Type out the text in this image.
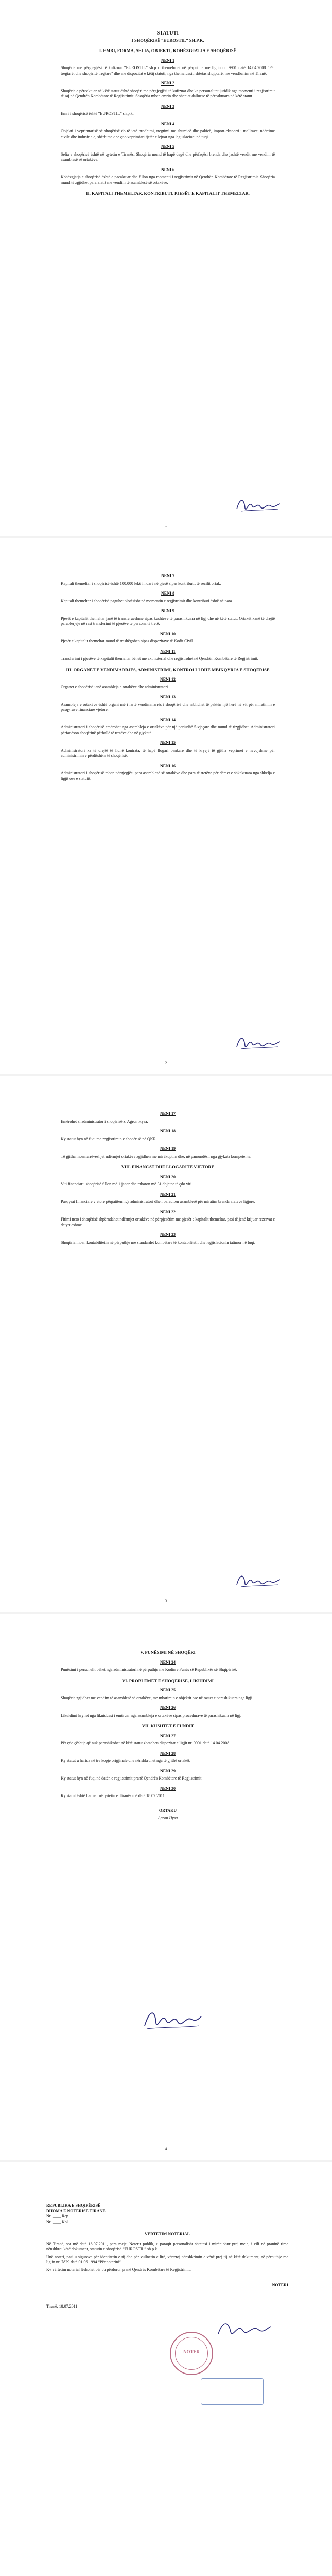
STATUTI
I SHOQËRISË “EUROSTIL” SH.P.K.
I. EMRI, FORMA, SELIA, OBJEKTI, KOHËZGJATJA E SHOQËRISË
NENI 1

Shoqëria me përgjegjësi të kufizuar “EUROSTIL” sh.p.k. themelohet në përputhje me ligjin nr. 9901 datë 14.04.2008 “Për tregtarët dhe shoqëritë tregtare” dhe me dispozitat e këtij statuti, nga themeluesit, shtetas shqiptarë, me vendbanim në Tiranë.

NENI 2

Shoqëria e përcaktuar në këtë statut është shoqëri me përgjegjësi të kufizuar dhe ka personalitet juridik nga momenti i regjistrimit të saj në Qendrën Kombëtare të Regjistrimit. Shoqëria mban emrin dhe shenjat dalluese të përcaktuara në këtë statut.

NENI 3

Emri i shoqërisë është “EUROSTIL” sh.p.k.

NENI 4

Objekti i veprimtarisë së shoqërisë do të jetë prodhimi, tregtimi me shumicë dhe pakicë, import-eksporti i mallrave, ndërtime civile dhe industriale, shërbime dhe çdo veprimtari tjetër e lejuar nga legjislacioni në fuqi.

NENI 5

Selia e shoqërisë është në qytetin e Tiranës. Shoqëria mund të hapë degë dhe përfaqësi brenda dhe jashtë vendit me vendim të asamblesë së ortakëve.

NENI 6

Kohëzgjatja e shoqërisë është e pacaktuar dhe fillon nga momenti i regjistrimit në Qendrën Kombëtare të Regjistrimit. Shoqëria mund të zgjidhet para afatit me vendim të asamblesë së ortakëve.

II. KAPITALI THEMELTAR, KONTRIBUTI, PJESËT E KAPITALIT THEMELTAR.
1
NENI 7

Kapitali themeltar i shoqërisë është 100.000 lekë i ndarë në pjesë sipas kontributit të secilit ortak.

NENI 8

Kapitali themeltar i shoqërisë paguhet plotësisht në momentin e regjistrimit dhe kontributi është në para.

NENI 9

Pjesët e kapitalit themeltar janë të transferueshme sipas kushteve të parashikuara në ligj dhe në këtë statut. Ortakët kanë të drejtë parablerjeje në rast transferimi të pjesëve te persona të tretë.

NENI 10

Pjesët e kapitalit themeltar mund të trashëgohen sipas dispozitave të Kodit Civil.

NENI 11

Transferimi i pjesëve të kapitalit themeltar bëhet me akt noterial dhe regjistrohet në Qendrën Kombëtare të Regjistrimit.

III. ORGANET E VENDIMARRJES, ADMINISTRIMI, KONTROLLI DHE MBIKQYRJA E SHOQËRISË
NENI 12

Organet e shoqërisë janë asambleja e ortakëve dhe administratori.

NENI 13

Asambleja e ortakëve është organi më i lartë vendimmarrës i shoqërisë dhe mblidhet të paktën një herë në vit për miratimin e pasqyrave financiare vjetore.

NENI 14

Administratori i shoqërisë emërohet nga asambleja e ortakëve për një periudhë 5-vjeçare dhe mund të rizgjidhet. Administratori përfaqëson shoqërinë përballë të tretëve dhe në gjykatë.

NENI 15

Administratori ka të drejtë të lidhë kontrata, të hapë llogari bankare dhe të kryejë të gjitha veprimet e nevojshme për administrimin e përditshëm të shoqërisë.

NENI 16

Administratori i shoqërisë mban përgjegjësi para asamblesë së ortakëve dhe para të tretëve për dëmet e shkaktuara nga shkelja e ligjit ose e statutit.

2
NENI 17

Emërohet si administrator i shoqërisë z. Agron Hysa.

NENI 18

Ky statut hyn në fuqi me regjistrimin e shoqërisë në QKR.

NENI 19

Të gjitha mosmarrëveshjet ndërmjet ortakëve zgjidhen me mirëkuptim dhe, në pamundësi, nga gjykata kompetente.

VIII. FINANCAT DHE LLOGARITË VJETORE
NENI 20

Viti financiar i shoqërisë fillon më 1 janar dhe mbaron më 31 dhjetor të çdo viti.

NENI 21

Pasqyrat financiare vjetore përgatiten nga administratori dhe i paraqiten asamblesë për miratim brenda afateve ligjore.

NENI 22

Fitimi neto i shoqërisë shpërndahet ndërmjet ortakëve në përpjesëtim me pjesët e kapitalit themeltar, pasi të jenë krijuar rezervat e detyrueshme.

NENI 23

Shoqëria mban kontabilitetin në përputhje me standardet kombëtare të kontabilitetit dhe legjislacionin tatimor në fuqi.

3
V. PUNËSIMI NË SHOQËRI
NENI 24

Punësimi i personelit bëhet nga administratori në përputhje me Kodin e Punës së Republikës së Shqipërisë.

VI. PROBLEMET E SHOQËRISË, LIKUIDIMI
NENI 25

Shoqëria zgjidhet me vendim të asamblesë së ortakëve, me mbarimin e objektit ose në rastet e parashikuara nga ligji.

NENI 26

Likuidimi kryhet nga likuiduesi i emëruar nga asambleja e ortakëve sipas procedurave të parashikuara në ligj.

VII. KUSHTET E FUNDIT
NENI 27

Për çdo çështje që nuk parashikohet në këtë statut zbatohen dispozitat e ligjit nr. 9901 datë 14.04.2008.

NENI 28

Ky statut u hartua në tre kopje origjinale dhe nënshkruhet nga të gjithë ortakët.

NENI 29

Ky statut hyn në fuqi në datën e regjistrimit pranë Qendrës Kombëtare të Regjistrimit.

NENI 30

Ky statut është hartuar në qytetin e Tiranës më datë 18.07.2011

ORTAKU
Agron Hysa
4
REPUBLIKA E SHQIPËRISË
DHOMA E NOTERISË TIRANË
Nr. ____ Rep
Nr. ____ Kol
VËRTETIM NOTERIAL

Në Tiranë, sot më datë 18.07.2011, para meje, Noterit publik, u paraqit personalisht shtetasi i mirënjohur prej meje, i cili në praninë time nënshkroi këtë dokument, statutin e shoqërisë “EUROSTIL” sh.p.k.

Unë noteri, pasi u sigurova për identitetin e tij dhe për vullnetin e lirë, vërtetoj nënshkrimin e vënë prej tij në këtë dokument, në përputhje me ligjin nr. 7829 datë 01.06.1994 “Për noterinë”.

Ky vërtetim noterial lëshohet për t'u përdorur pranë Qendrës Kombëtare të Regjistrimit.

NOTERI
Tiranë, 18.07.2011
NOTER
